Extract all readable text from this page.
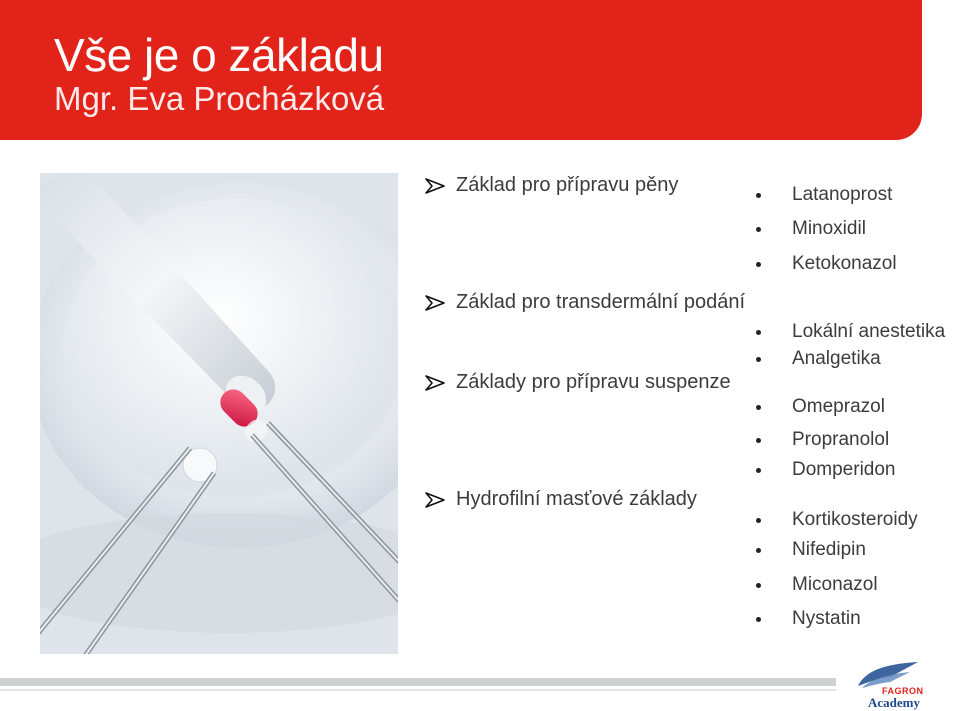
Vše je o základu
Mgr. Eva Procházková
Základ pro přípravu pěny
Základ pro transdermální podání
Základy pro přípravu suspenze
Hydrofilní masťové základy
Latanoprost
Minoxidil
Ketokonazol
Lokální anestetika
Analgetika
Omeprazol
Propranolol
Domperidon
Kortikosteroidy
Nifedipin
Miconazol
Nystatin
FAGRON
Academy
